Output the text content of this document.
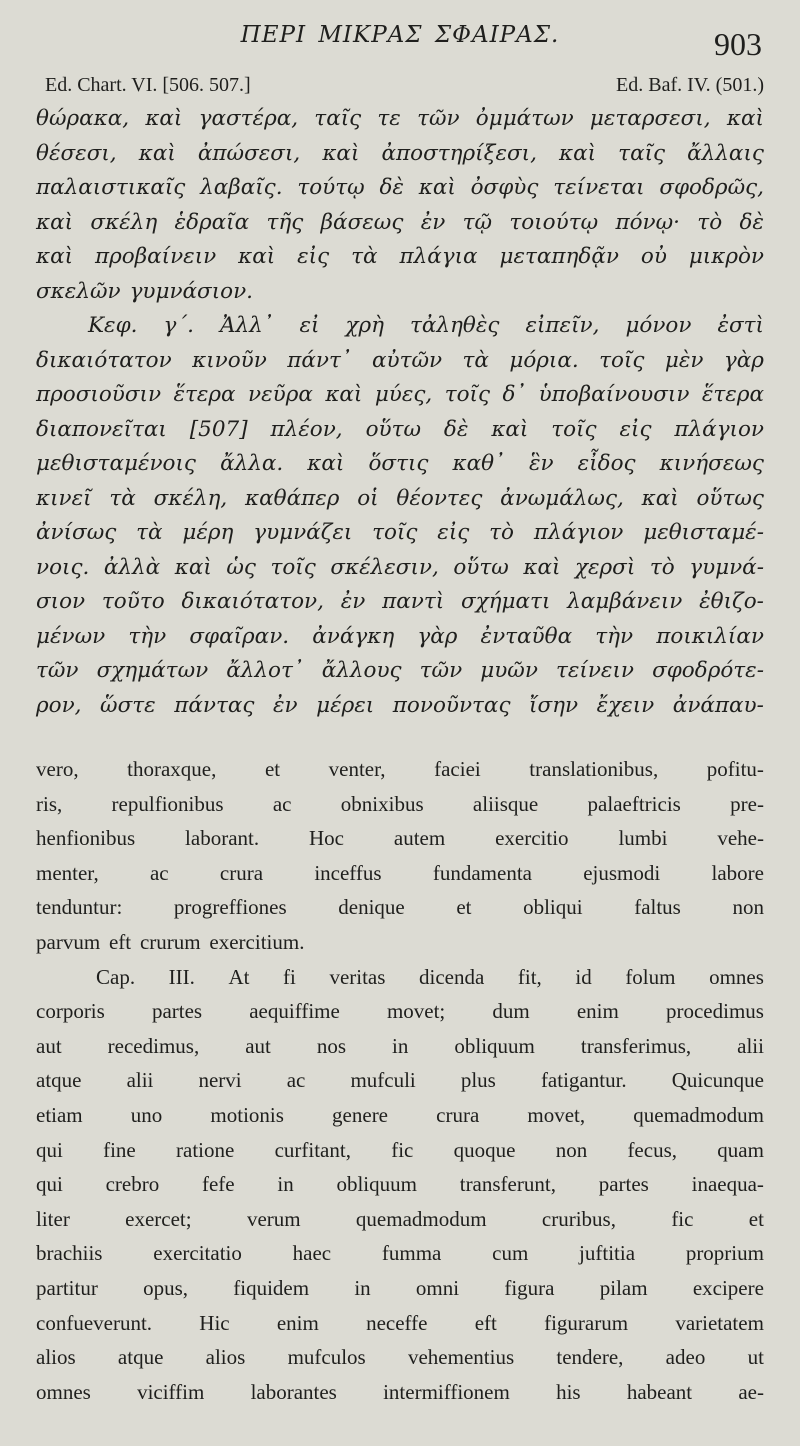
ΠΕΡΙ ΜΙΚΡΑΣ ΣΦΑΙΡΑΣ.	903
Ed. Chart. VI. [506. 507.]	Ed. Baf. IV. (501.)
θώρακα, καὶ γαστέρα, ταῖς τε τῶν ὀμμάτων μεταρσεσι, καὶ
θέσεσι, καὶ ἀπώσεσι, καὶ ἀποστηρίξεσι, καὶ ταῖς ἄλλαις
παλαιστικαῖς λαβαῖς. τούτῳ δὲ καὶ ὀσφὺς τείνεται σφοδρῶς,
καὶ σκέλη ἑδραῖα τῆς βάσεως ἐν τῷ τοιούτῳ πόνῳ· τὸ δὲ
καὶ προβαίνειν καὶ εἰς τὰ πλάγια μεταπηδᾷν οὐ μικρὸν
σκελῶν γυμνάσιον.
Κεφ. γ΄. Ἀλλ᾽ εἰ χρὴ τἀληθὲς εἰπεῖν, μόνον ἐστὶ
δικαιότατον κινοῦν πάντ᾽ αὐτῶν τὰ μόρια. τοῖς μὲν γὰρ
προσιοῦσιν ἕτερα νεῦρα καὶ μύες, τοῖς δ᾽ ὑποβαίνουσιν ἕτερα
διαπονεῖται [507] πλέον, οὕτω δὲ καὶ τοῖς εἰς πλάγιον
μεθισταμένοις ἄλλα. καὶ ὅστις καθ᾽ ἓν εἶδος κινήσεως
κινεῖ τὰ σκέλη, καθάπερ οἱ θέοντες ἀνωμάλως, καὶ οὕτως
ἀνίσως τὰ μέρη γυμνάζει τοῖς εἰς τὸ πλάγιον μεθισταμέ-
νοις. ἀλλὰ καὶ ὡς τοῖς σκέλεσιν, οὕτω καὶ χερσὶ τὸ γυμνά-
σιον τοῦτο δικαιότατον, ἐν παντὶ σχήματι λαμβάνειν ἐθιζο-
μένων τὴν σφαῖραν. ἀνάγκη γὰρ ἐνταῦθα τὴν ποικιλίαν
τῶν σχημάτων ἄλλοτ᾽ ἄλλους τῶν μυῶν τείνειν σφοδρότε-
ρον, ὥστε πάντας ἐν μέρει πονοῦντας ἴσην ἔχειν ἀνάπαυ-
vero, thoraxque, et venter, faciei translationibus, pofitu-
ris, repulfionibus ac obnixibus aliisque palaeftricis pre-
henfionibus laborant. Hoc autem exercitio lumbi vehe-
menter, ac crura inceffus fundamenta ejusmodi labore
tenduntur: progreffiones denique et obliqui faltus non
parvum eft crurum exercitium.
Cap. III. At fi veritas dicenda fit, id folum omnes
corporis partes aequiffime movet; dum enim procedimus
aut recedimus, aut nos in obliquum transferimus, alii
atque alii nervi ac mufculi plus fatigantur. Quicunque
etiam uno motionis genere crura movet, quemadmodum
qui fine ratione curfitant, fic quoque non fecus, quam
qui crebro fefe in obliquum transferunt, partes inaequa-
liter	exercet;	verum	quemadmodum	cruribus,	fic	et
brachiis exercitatio haec fumma cum juftitia proprium
partitur opus, fiquidem in omni figura pilam excipere
confueverunt. Hic enim neceffe eft figurarum varietatem
alios atque alios mufculos vehementius tendere, adeo ut
omnes viciffim laborantes intermiffionem his habeant ae-
